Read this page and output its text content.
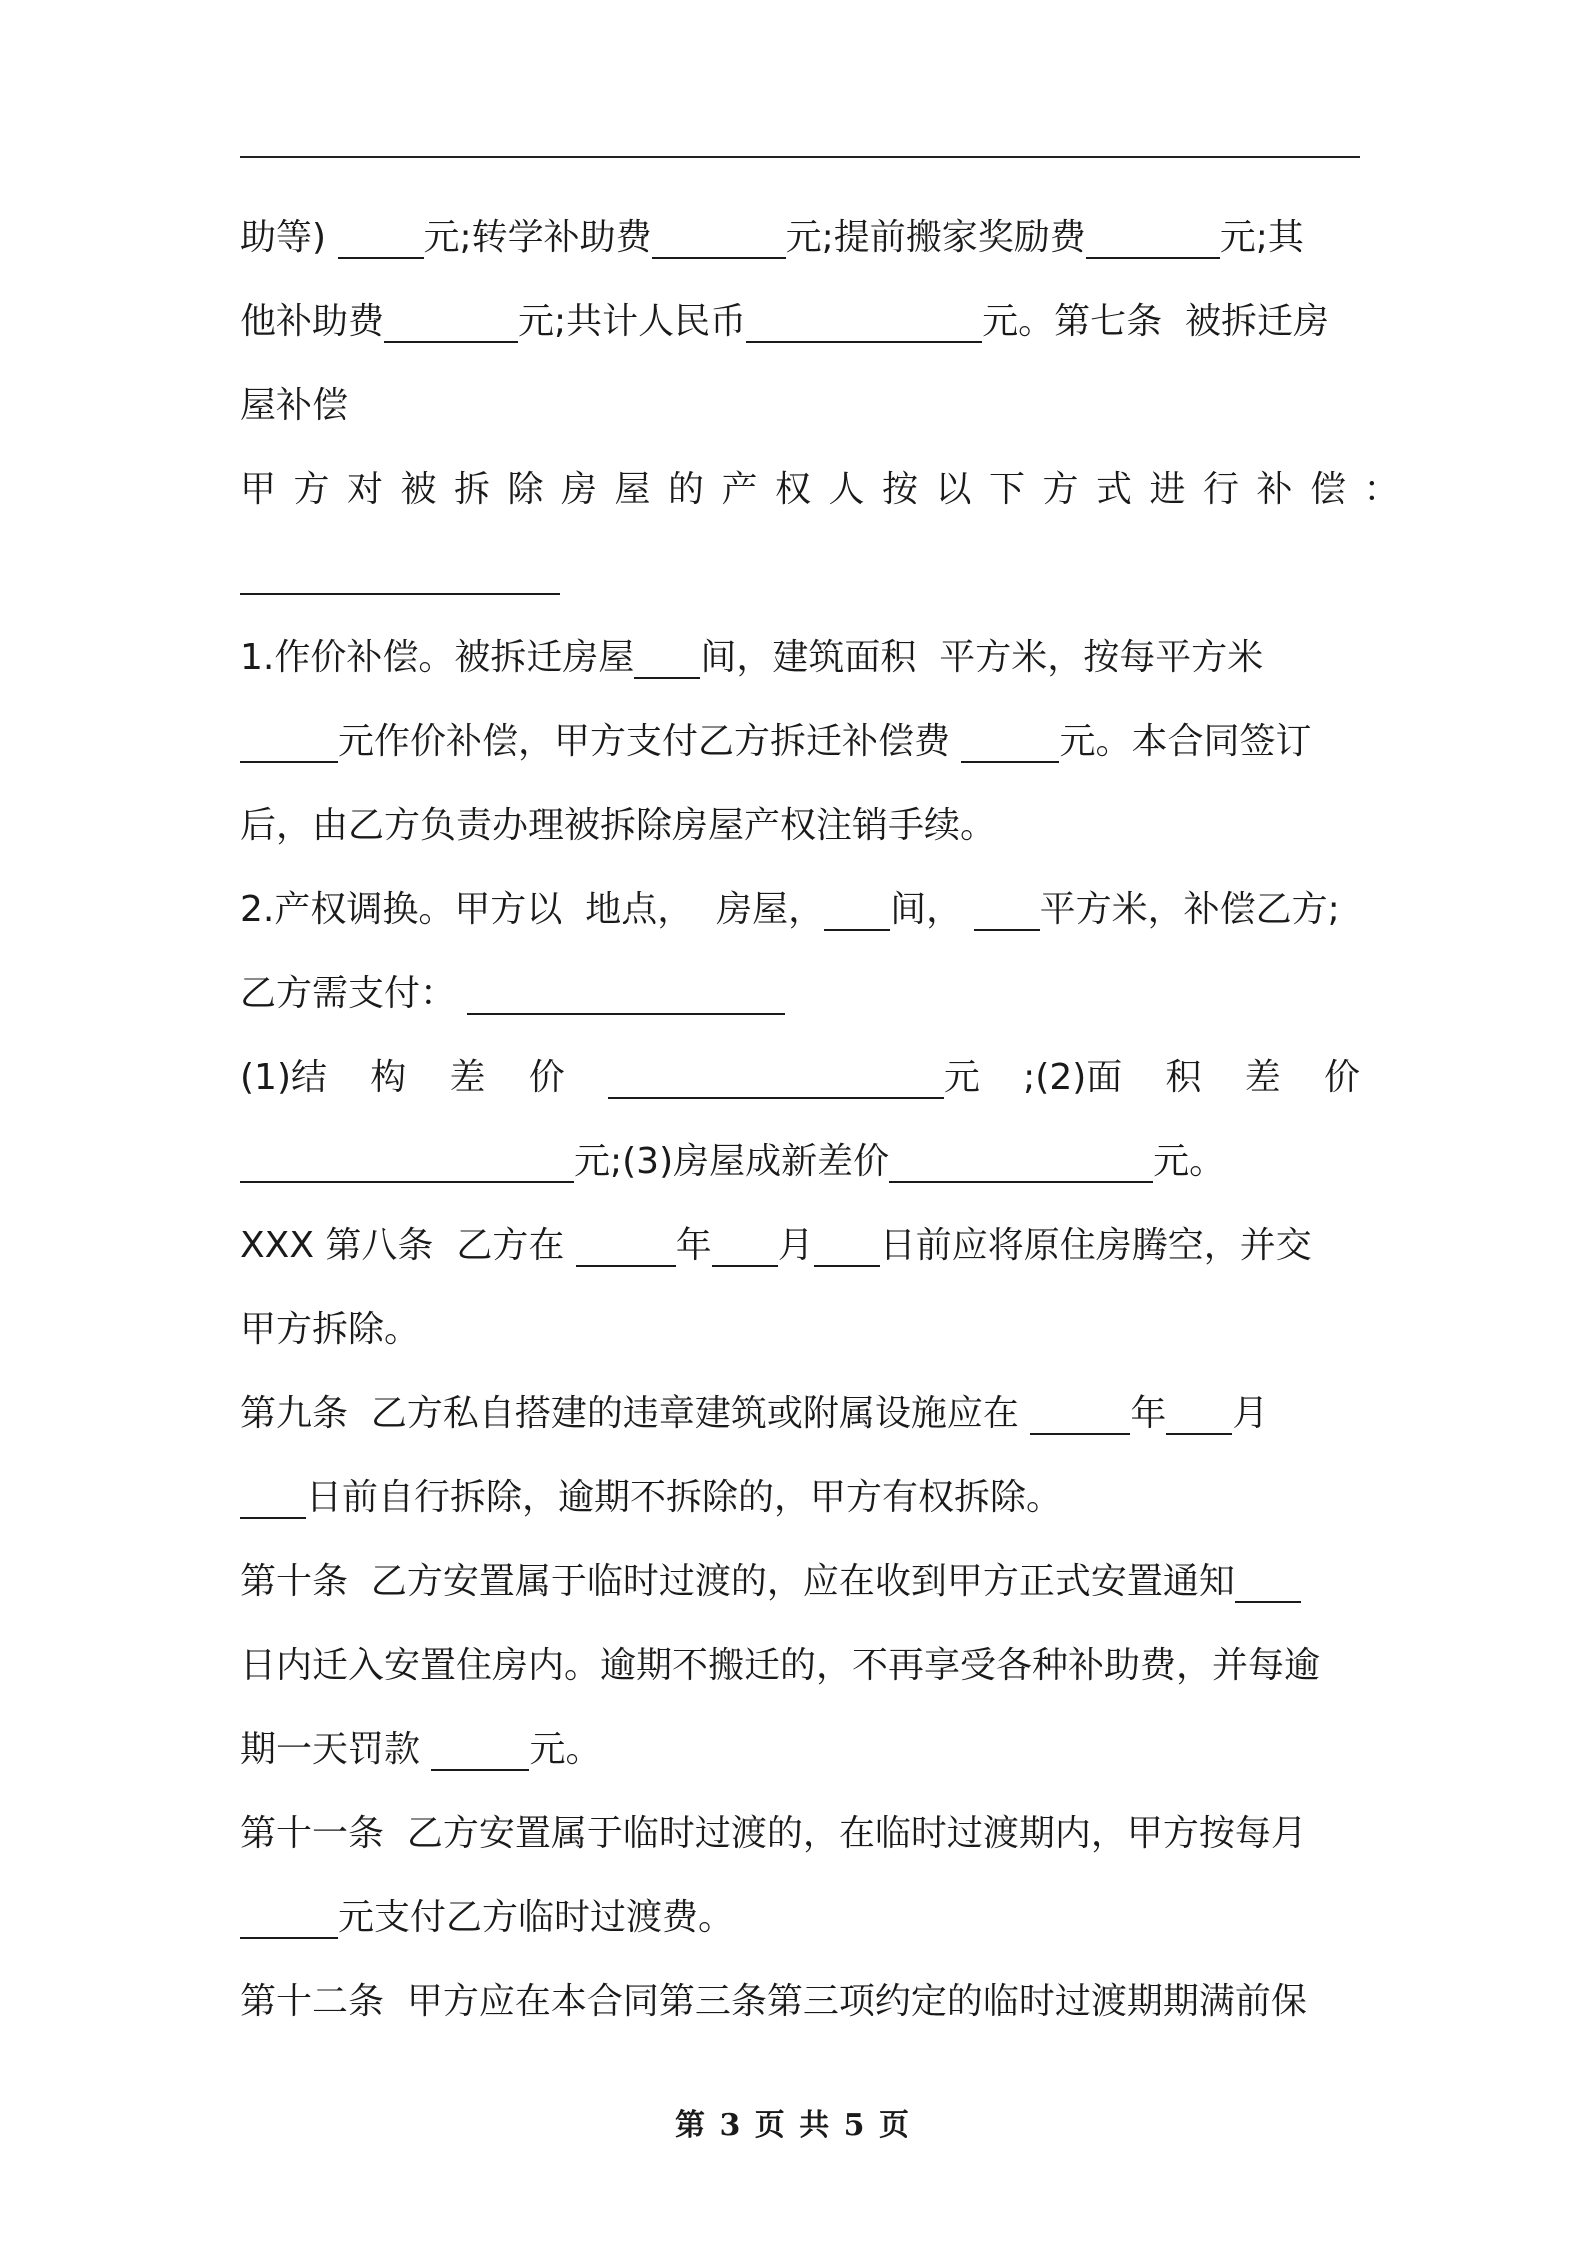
助等)	元;转学补助费	元;提前搬家奖励费	元;其
他补助费	元;共计人民币	元。第七条  被拆迁房
屋补偿
甲方对被拆除房屋的产权人按以下方式进行补偿：
1.作价补偿。被拆迁房屋 间，建筑面积  平方米，按每平方米
元作价补偿，甲方支付乙方拆迁补偿费	元。本合同签订
后，由乙方负责办理被拆除房屋产权注销手续。
2.产权调换。甲方以  地点，  房屋， 间， 平方米，补偿乙方;
乙方需支付：
(1)结 构 差 价	元 ;(2)面 积 差 价
元;(3)房屋成新差价	元。
XXX 第八条  乙方在	年 月 日前应将原住房腾空，并交
甲方拆除。
第九条  乙方私自搭建的违章建筑或附属设施应在	年 月
日前自行拆除，逾期不拆除的，甲方有权拆除。
第十条  乙方安置属于临时过渡的，应在收到甲方正式安置通知
日内迁入安置住房内。逾期不搬迁的，不再享受各种补助费，并每逾
期一天罚款	元。
第十一条  乙方安置属于临时过渡的，在临时过渡期内，甲方按每月
元支付乙方临时过渡费。
第十二条  甲方应在本合同第三条第三项约定的临时过渡期期满前保
第 3 页 共 5 页
